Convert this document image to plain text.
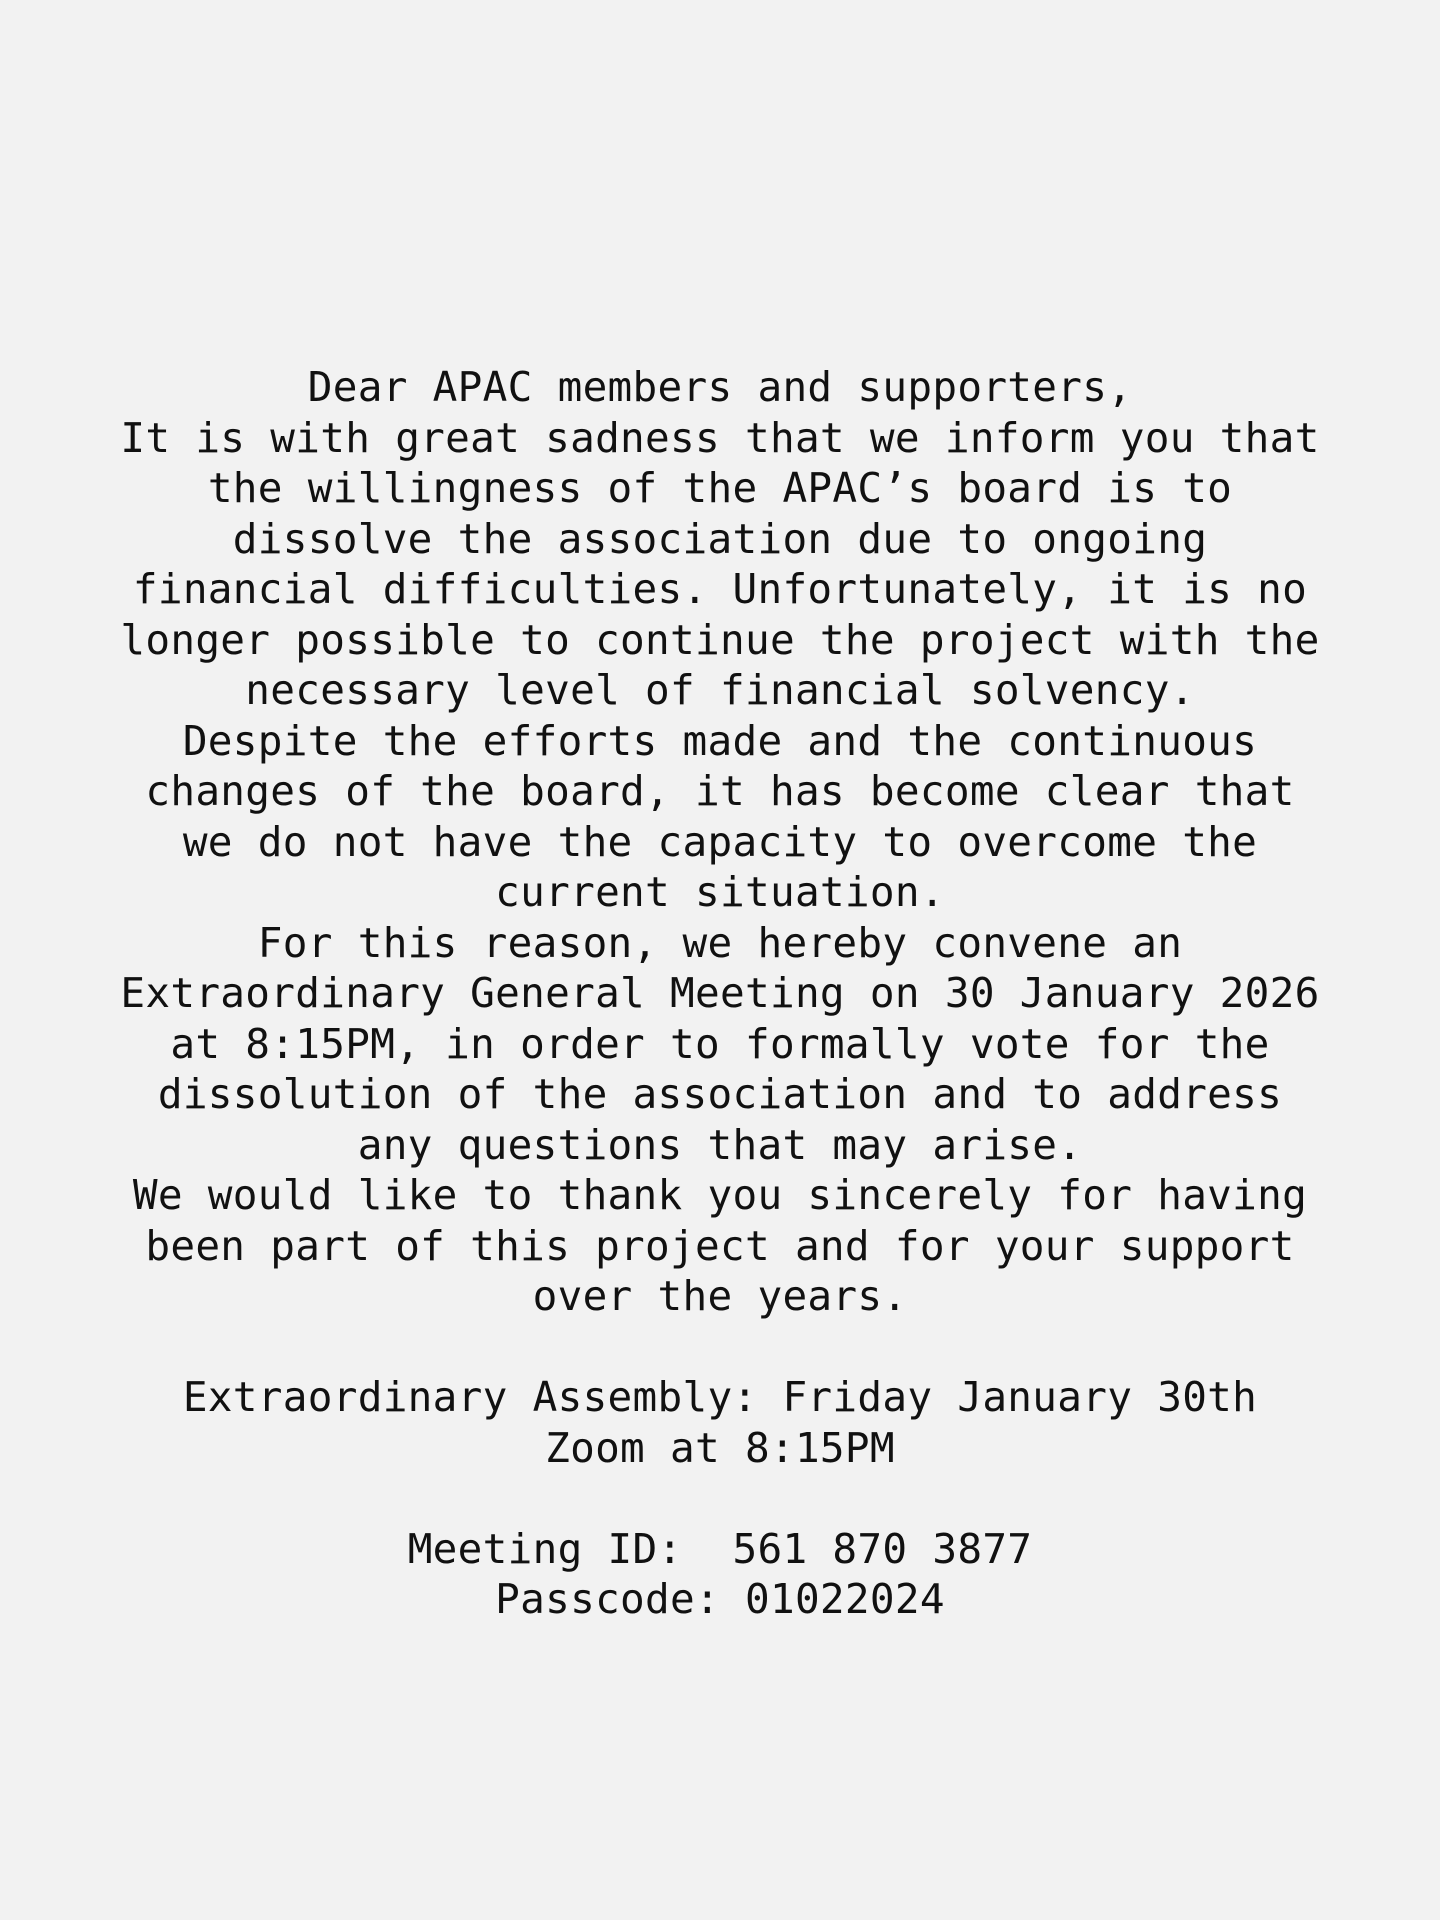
Dear APAC members and supporters,
It is with great sadness that we inform you that
the willingness of the APAC’s board is to
dissolve the association due to ongoing
financial difficulties. Unfortunately, it is no
longer possible to continue the project with the
necessary level of financial solvency.
Despite the efforts made and the continuous
changes of the board, it has become clear that
we do not have the capacity to overcome the
current situation.
For this reason, we hereby convene an
Extraordinary General Meeting on 30 January 2026
at 8:15PM, in order to formally vote for the
dissolution of the association and to address
any questions that may arise.
We would like to thank you sincerely for having
been part of this project and for your support
over the years.
Extraordinary Assembly: Friday January 30th
Zoom at 8:15PM
Meeting ID:  561 870 3877
Passcode: 01022024
